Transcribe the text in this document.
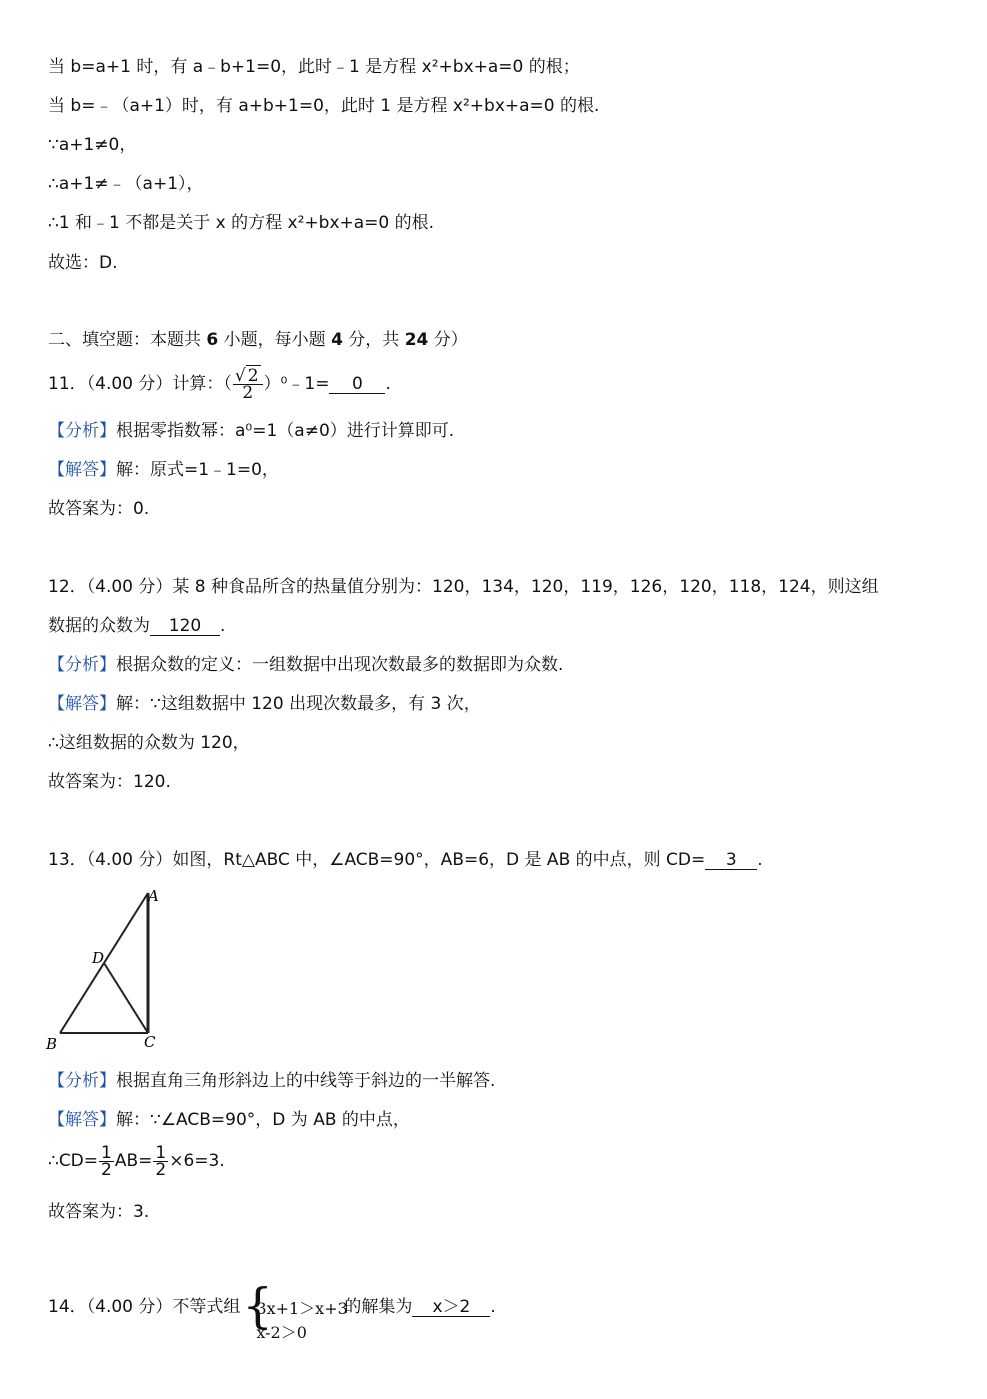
当 b=a+1 时，有 a﹣b+1=0，此时﹣1 是方程 x²+bx+a=0 的根；
当 b=﹣（a+1）时，有 a+b+1=0，此时 1 是方程 x²+bx+a=0 的根.
∵a+1≠0，
∴a+1≠﹣（a+1），
∴1 和﹣1 不都是关于 x 的方程 x²+bx+a=0 的根.
故选：D.
二、填空题：本题共 6 小题，每小题 4 分，共 24 分）
11．（4.00 分）计算：（ $\frac{√ 2}{2}$ ）⁰﹣1= 0 .
【分析】根据零指数幂：a⁰=1（a≠0）进行计算即可.
【解答】解：原式=1﹣1=0，
故答案为：0.
12．（4.00 分）某 8 种食品所含的热量值分别为：120，134，120，119，126，120，118，124，则这组
数据的众数为 120 .
【分析】根据众数的定义：一组数据中出现次数最多的数据即为众数.
【解答】解：∵这组数据中 120 出现次数最多，有 3 次，
∴这组数据的众数为 120，
故答案为：120.
13．（4.00 分）如图，Rt△ABC 中，∠ACB=90°，AB=6，D 是 AB 的中点，则 CD= 3 .
A
D
B	C
【分析】根据直角三角形斜边上的中线等于斜边的一半解答.
【解答】解：∵∠ACB=90°，D 为 AB 的中点，
∴CD= $\frac{1}{2} AB= \frac{1}{2} \times 6=3$.
故答案为：3.
14．（4.00 分）不等式组 {
3x+1＞x+3
x-2＞0
的解集为 x＞2 .
